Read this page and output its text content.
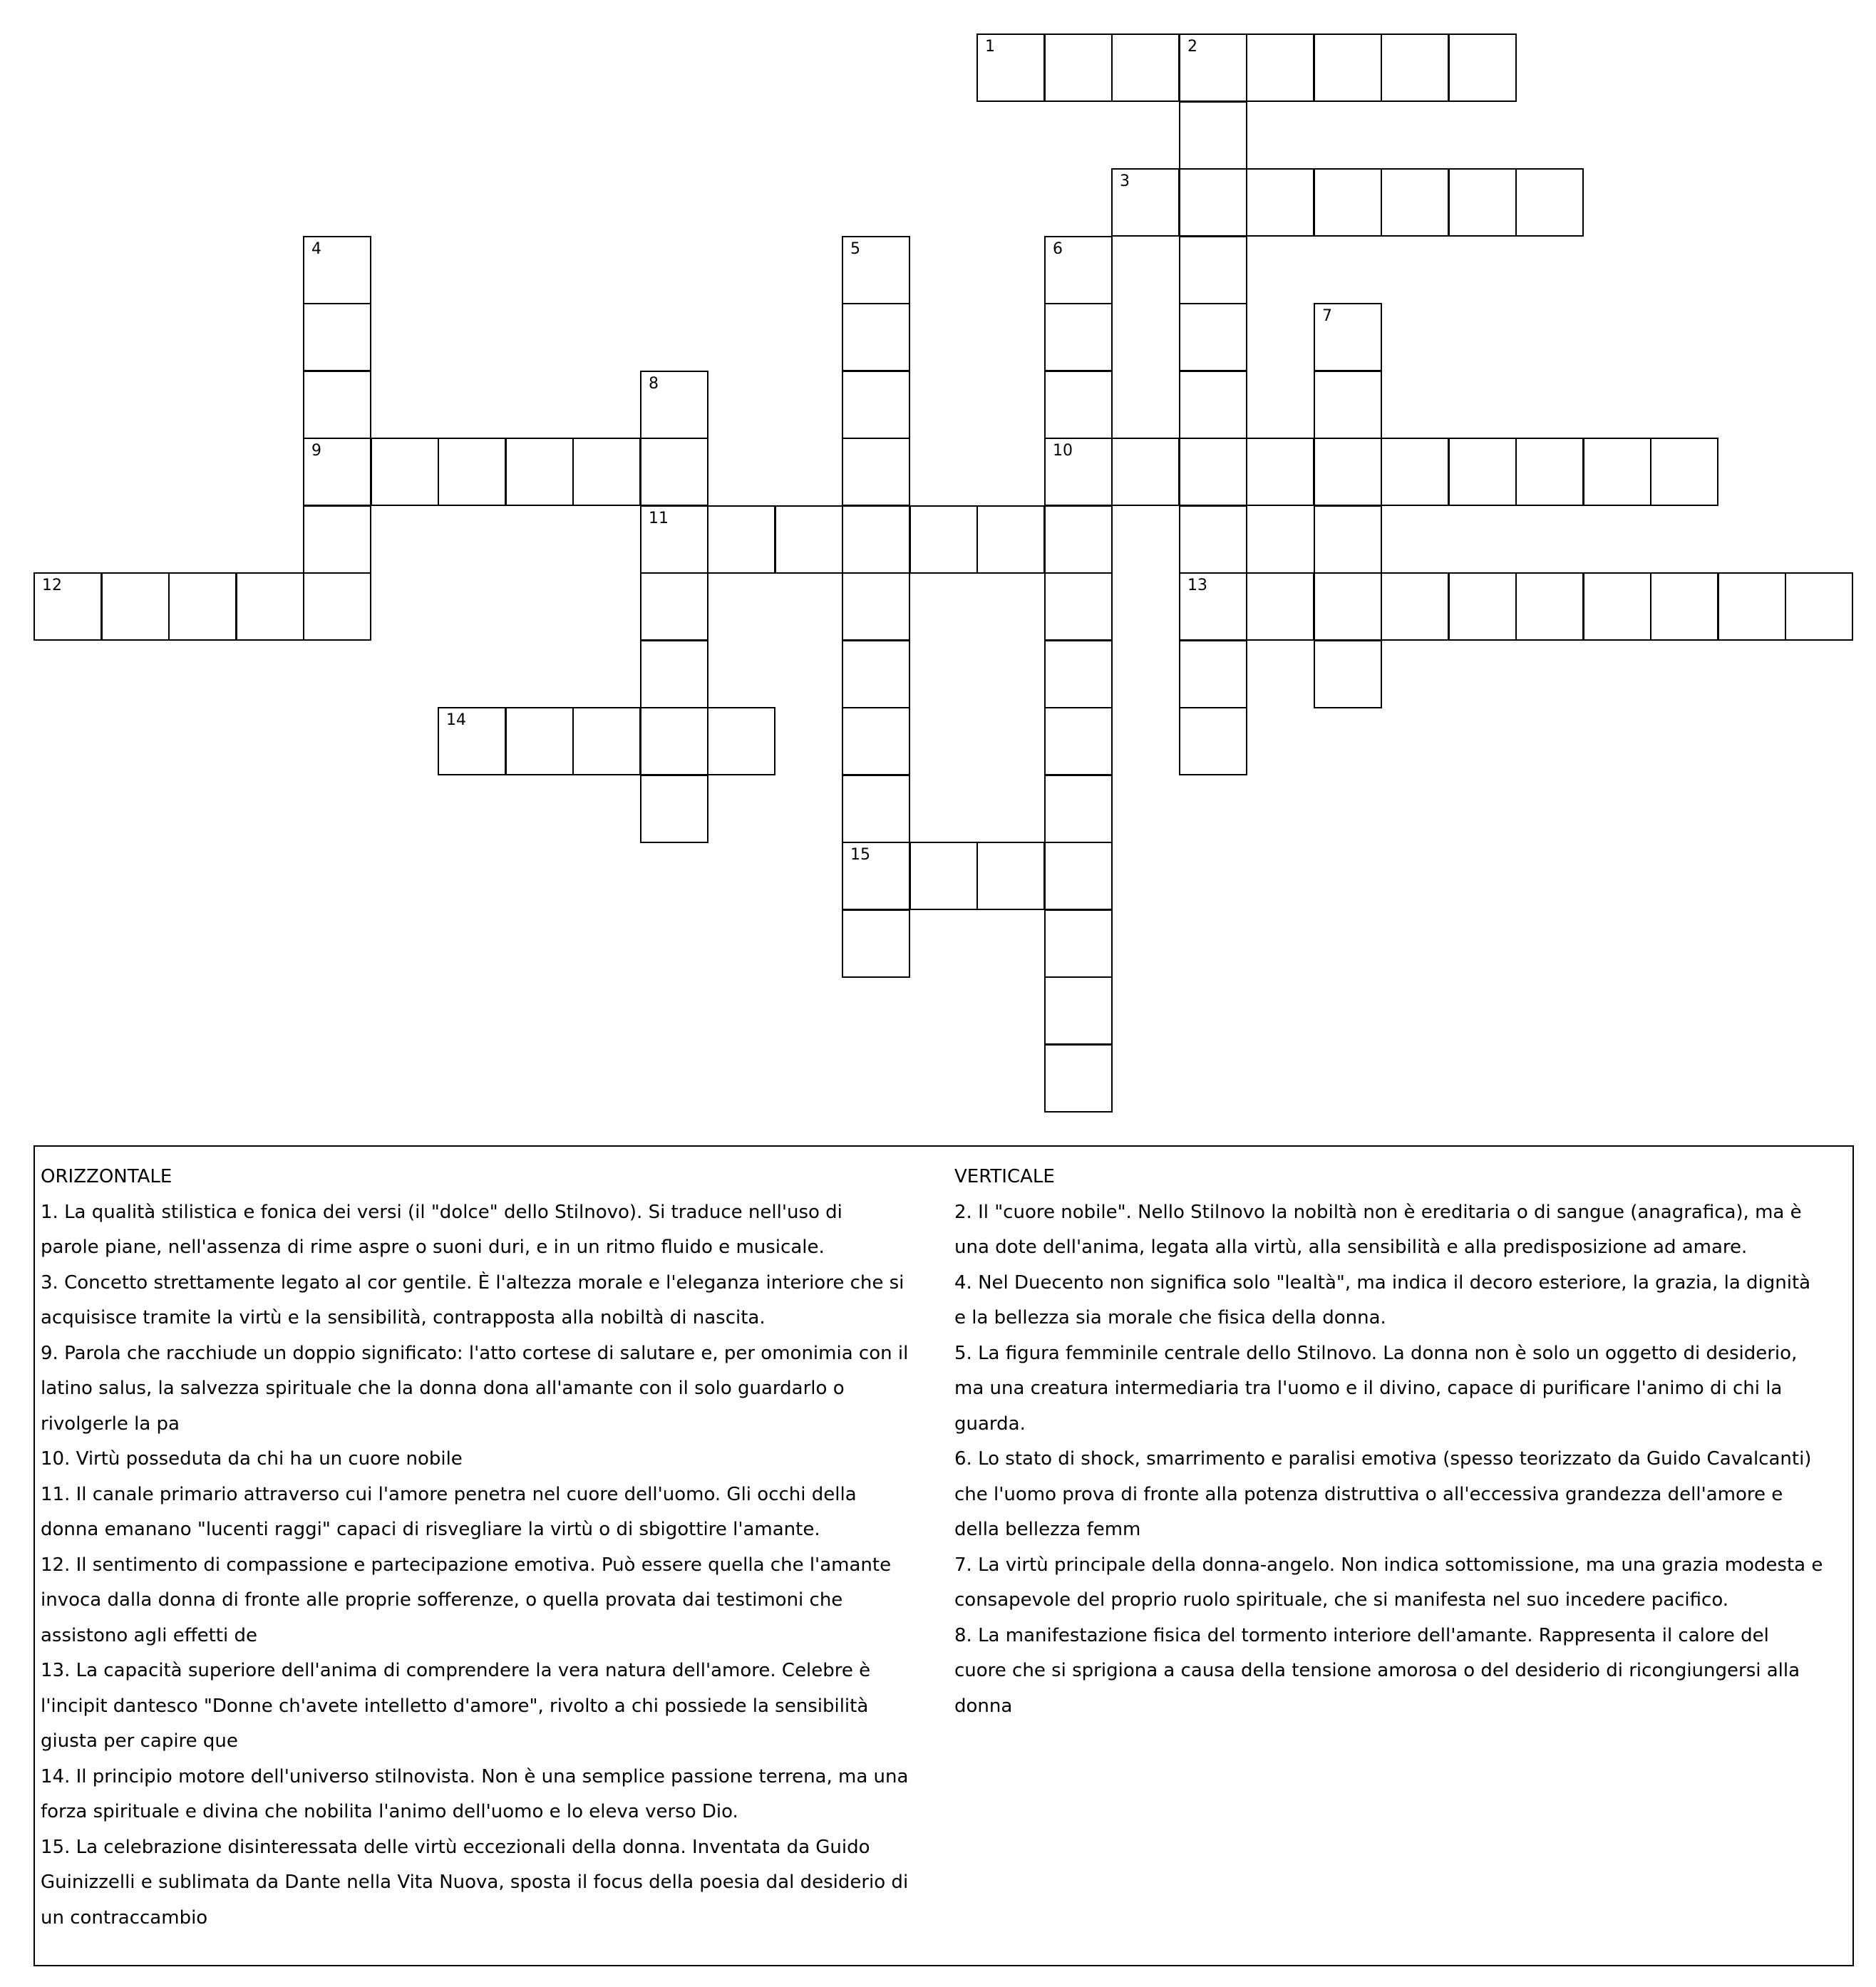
1	2
3
9	10
11
12	13
14
15
4	5	6
7
8
ORIZZONTALE
1. La qualità stilistica e fonica dei versi (il "dolce" dello Stilnovo). Si traduce nell'uso di
parole piane, nell'assenza di rime aspre o suoni duri, e in un ritmo fluido e musicale.
3. Concetto strettamente legato al cor gentile. È l'altezza morale e l'eleganza interiore che si
acquisisce tramite la virtù e la sensibilità, contrapposta alla nobiltà di nascita.
9. Parola che racchiude un doppio significato: l'atto cortese di salutare e, per omonimia con il
latino salus, la salvezza spirituale che la donna dona all'amante con il solo guardarlo o
rivolgerle la pa
10. Virtù posseduta da chi ha un cuore nobile
11. Il canale primario attraverso cui l'amore penetra nel cuore dell'uomo. Gli occhi della
donna emanano "lucenti raggi" capaci di risvegliare la virtù o di sbigottire l'amante.
12. Il sentimento di compassione e partecipazione emotiva. Può essere quella che l'amante
invoca dalla donna di fronte alle proprie sofferenze, o quella provata dai testimoni che
assistono agli effetti de
13. La capacità superiore dell'anima di comprendere la vera natura dell'amore. Celebre è
l'incipit dantesco "Donne ch'avete intelletto d'amore", rivolto a chi possiede la sensibilità
giusta per capire que
14. Il principio motore dell'universo stilnovista. Non è una semplice passione terrena, ma una
forza spirituale e divina che nobilita l'animo dell'uomo e lo eleva verso Dio.
15. La celebrazione disinteressata delle virtù eccezionali della donna. Inventata da Guido
Guinizzelli e sublimata da Dante nella Vita Nuova, sposta il focus della poesia dal desiderio di
un contraccambio
VERTICALE
2. Il "cuore nobile". Nello Stilnovo la nobiltà non è ereditaria o di sangue (anagrafica), ma è
una dote dell'anima, legata alla virtù, alla sensibilità e alla predisposizione ad amare.
4. Nel Duecento non significa solo "lealtà", ma indica il decoro esteriore, la grazia, la dignità
e la bellezza sia morale che fisica della donna.
5. La figura femminile centrale dello Stilnovo. La donna non è solo un oggetto di desiderio,
ma una creatura intermediaria tra l'uomo e il divino, capace di purificare l'animo di chi la
guarda.
6. Lo stato di shock, smarrimento e paralisi emotiva (spesso teorizzato da Guido Cavalcanti)
che l'uomo prova di fronte alla potenza distruttiva o all'eccessiva grandezza dell'amore e
della bellezza femm
7. La virtù principale della donna-angelo. Non indica sottomissione, ma una grazia modesta e
consapevole del proprio ruolo spirituale, che si manifesta nel suo incedere pacifico.
8. La manifestazione fisica del tormento interiore dell'amante. Rappresenta il calore del
cuore che si sprigiona a causa della tensione amorosa o del desiderio di ricongiungersi alla
donna
